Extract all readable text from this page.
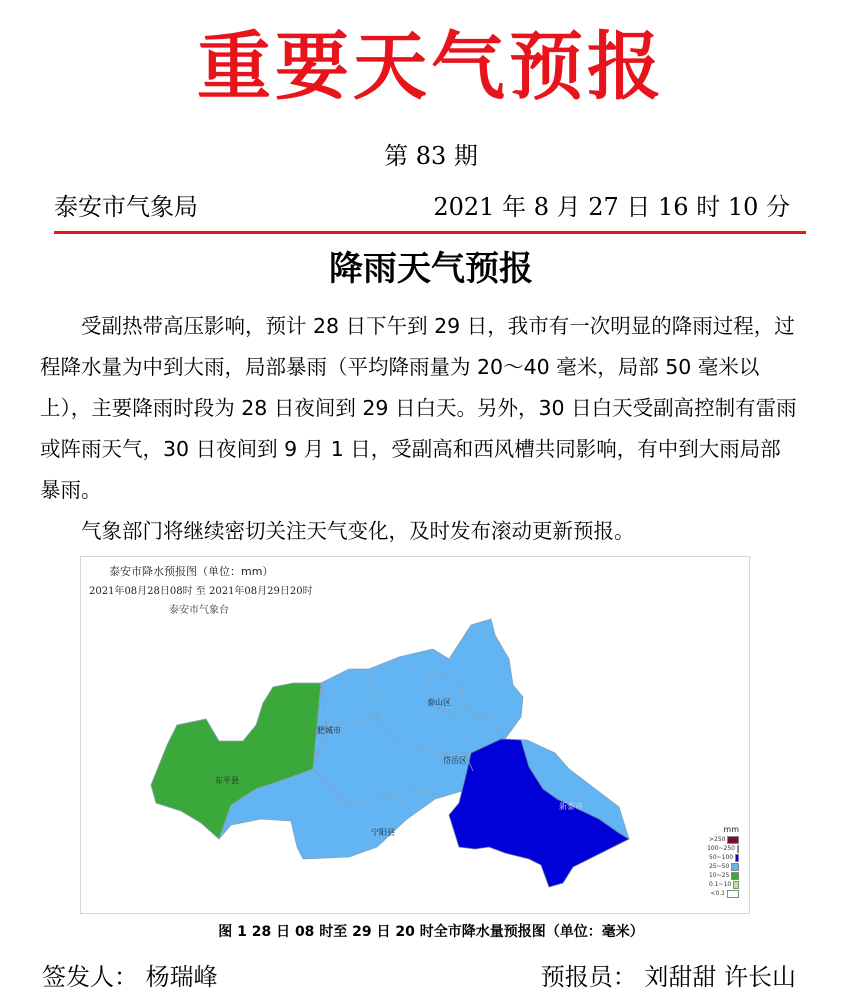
重要天气预报
第 83 期
泰安市气象局	2021 年 8 月 27 日 16 时 10 分
降雨天气预报

受副热带高压影响，预计 28 日下午到 29 日，我市有一次明显的降雨过程，过程降水量为中到大雨，局部暴雨（平均降雨量为 20～40 毫米，局部 50 毫米以上），主要降雨时段为 28 日夜间到 29 日白天。另外，30 日白天受副高控制有雷雨或阵雨天气，30 日夜间到 9 月 1 日，受副高和西风槽共同影响，有中到大雨局部暴雨。

气象部门将继续密切关注天气变化，及时发布滚动更新预报。

泰安市降水预报图（单位：mm）
2021年08月28日08时 至 2021年08月29日20时
泰安市气象台
东平县
肥城市
泰山区
岱岳区
宁阳县
新泰市
mm
>250
100~250
50~100
25~50
10~25
0.1~10
<0.1
图 1 28 日 08 时至 29 日 20 时全市降水量预报图（单位：毫米）
签发人： 杨瑞峰	预报员： 刘甜甜 许长山
